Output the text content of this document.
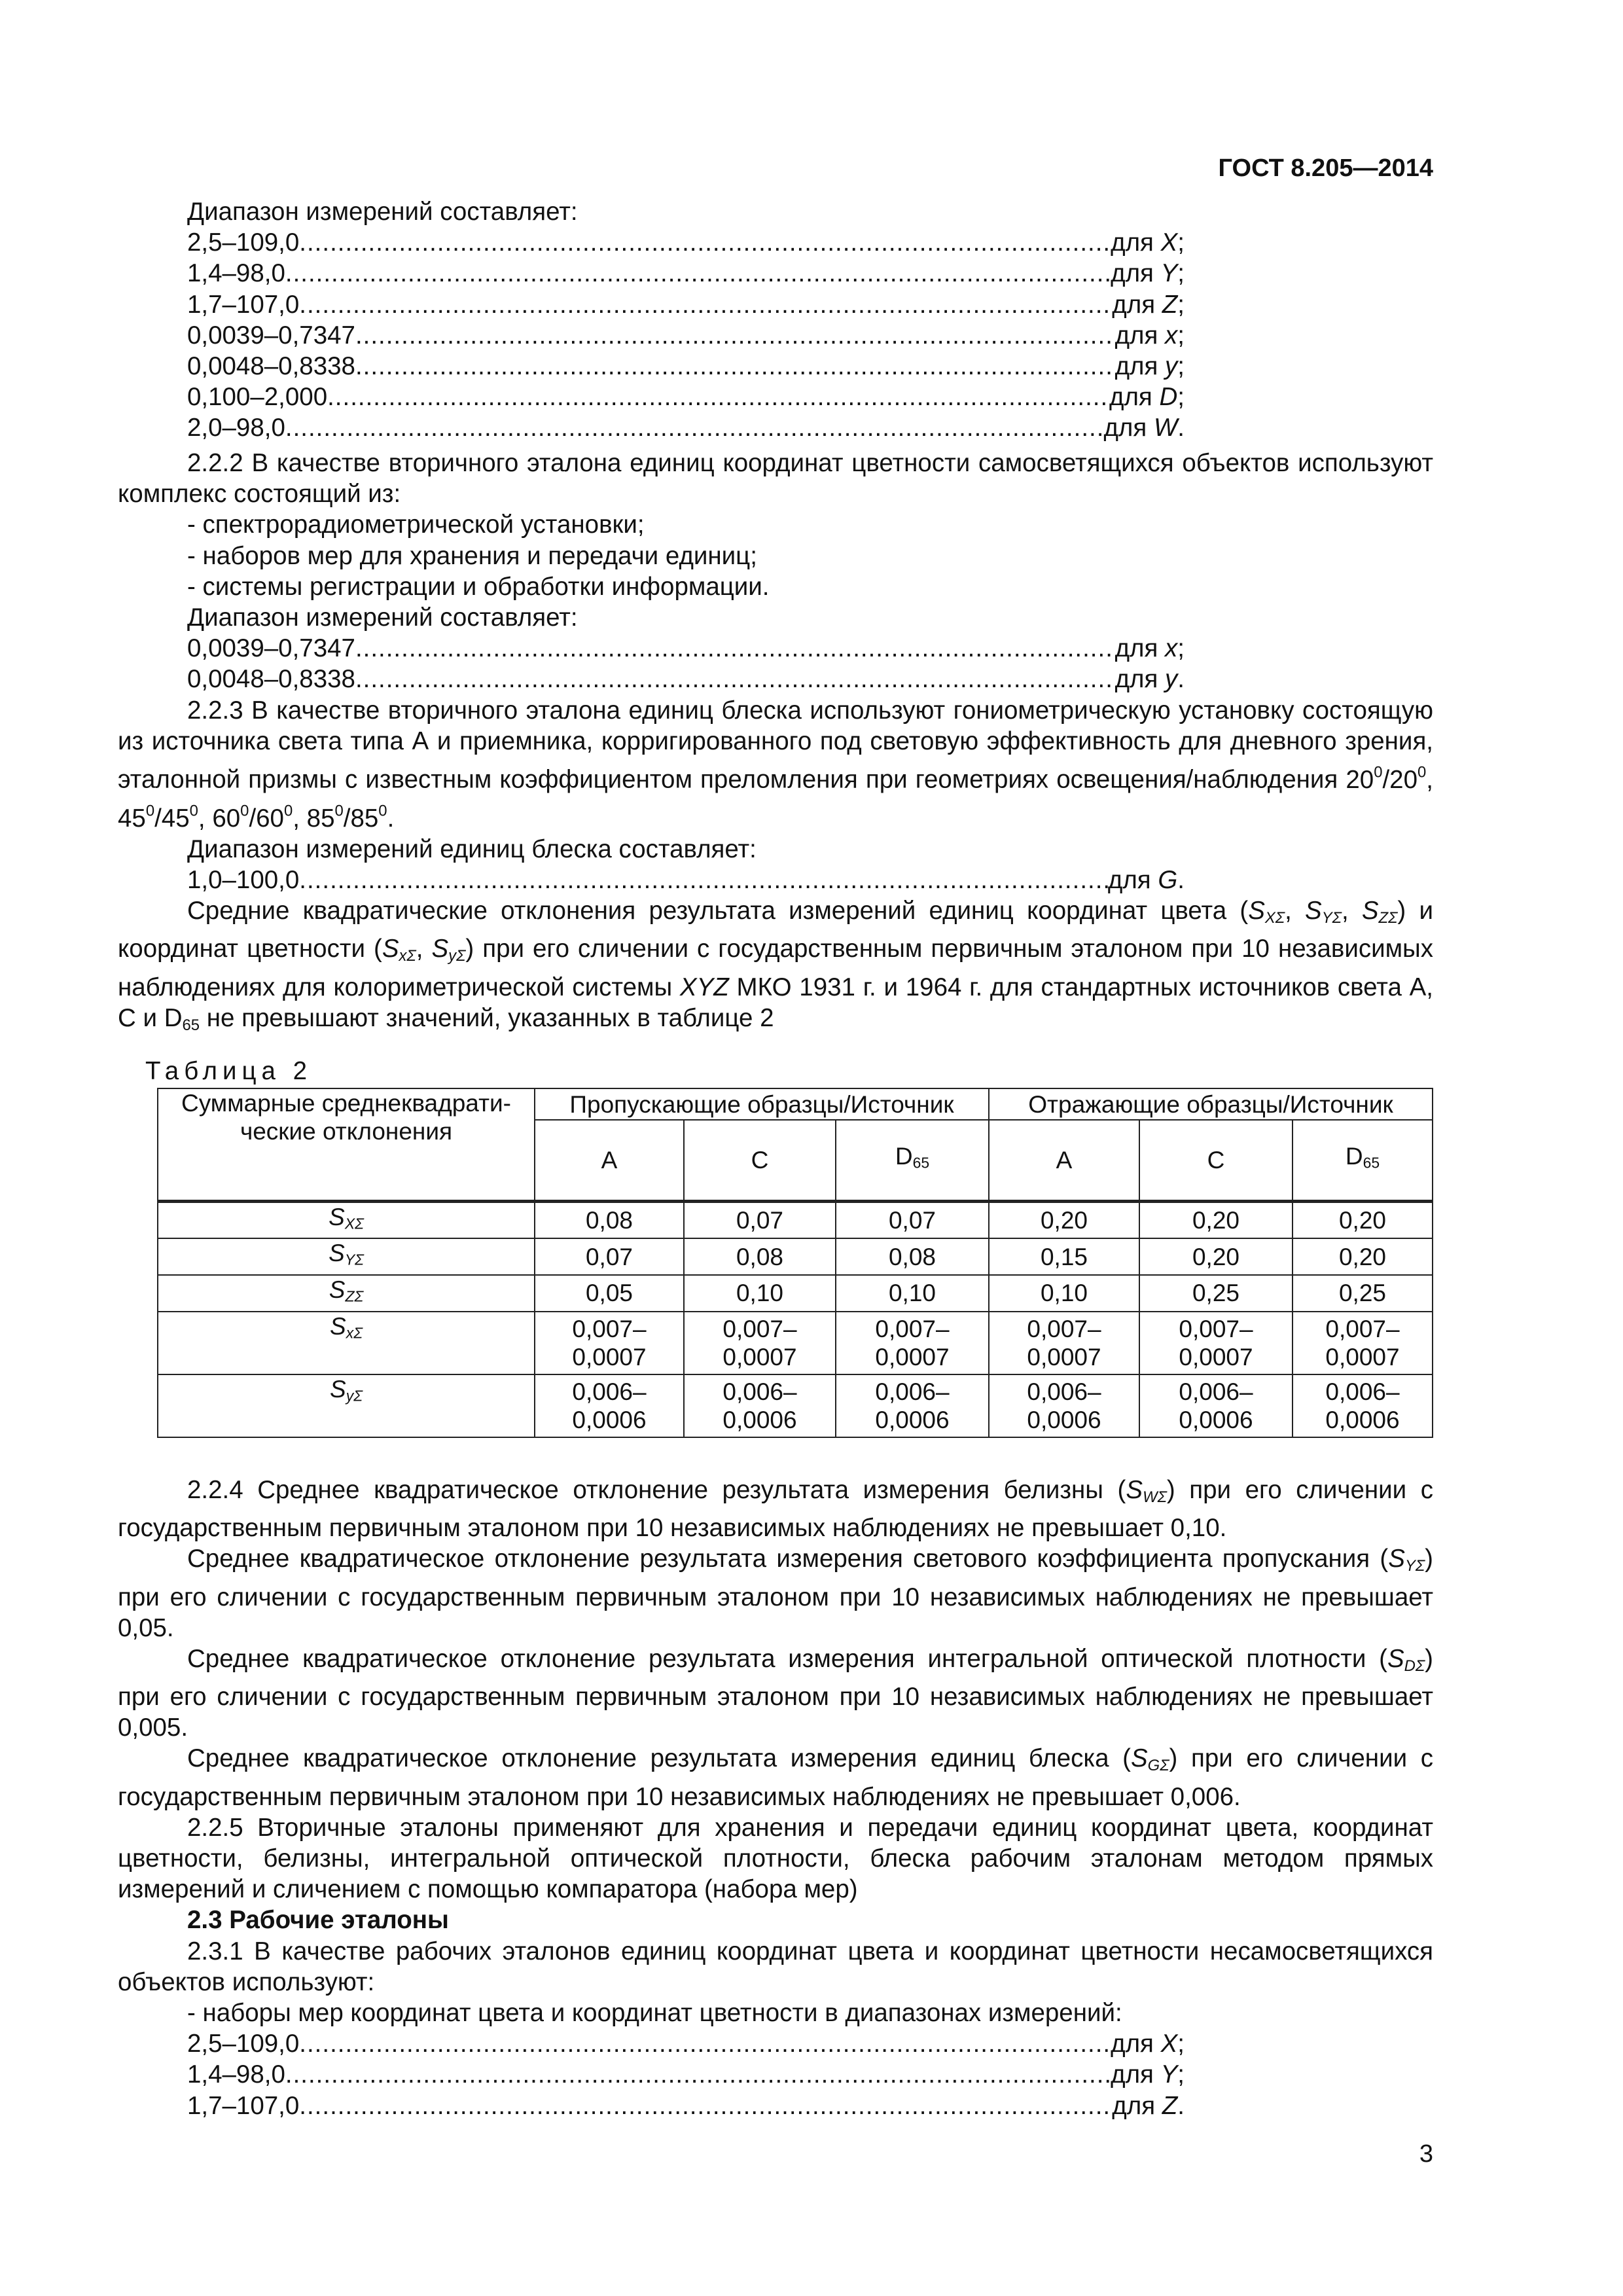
ГОСТ 8.205—2014

Диапазон измерений составляет:

2,5–109,0 .....	для X;
1,4–98,0 .....	для Y;
1,7–107,0 .....	для Z;
0,0039–0,7347 .....	для x;
0,0048–0,8338 .....	для y;
0,100–2,000 .....	для D;
2,0–98,0 .....	для W.

2.2.2 В качестве вторичного эталона единиц координат цветности самосветящихся объектов используют комплекс состоящий из:

- спектрорадиометрической установки;

- наборов мер для хранения и передачи единиц;

- системы регистрации и обработки информации.

Диапазон измерений составляет:

0,0039–0,7347 .....	для x;
0,0048–0,8338 .....	для y.

2.2.3 В качестве вторичного эталона единиц блеска используют гониометрическую установку состоящую из источника света типа А и приемника, корригированного под световую эффективность для дневного зрения, эталонной призмы с известным коэффициентом преломления при геометриях освещения/наблюдения $20^0/20^0$, $45^0/45^0$, $60^0/60^0$, $85^0/85^0$.

Диапазон измерений единиц блеска составляет:

1,0–100,0 .....	для G.

Средние квадратические отклонения результата измерений единиц координат цвета ($S_{X\Sigma}$, $S_{Y\Sigma}$, $S_{Z\Sigma}$) и координат цветности ($S_{x\Sigma}$, $S_{y\Sigma}$) при его сличении с государственным первичным эталоном при 10 независимых наблюдениях для колориметрической системы XYZ МКО 1931 г. и 1964 г. для стандартных источников света А, С и $D_{65}$ не превышают значений, указанных в таблице 2

Таблица 2
Суммарные среднеквадрати-ческие отклонения	Пропускающие образцы/Источник			Отражающие образцы/Источник		
	A	C	$D_{65}$	A	C	$D_{65}$
$S_{X\Sigma}$	0,08	0,07	0,07	0,20	0,20	0,20
$S_{Y\Sigma}$	0,07	0,08	0,08	0,15	0,20	0,20
$S_{Z\Sigma}$	0,05	0,10	0,10	0,10	0,25	0,25
$S_{x\Sigma}$	0,007–
0,0007	0,007–
0,0007	0,007–
0,0007	0,007–
0,0007	0,007–
0,0007	0,007–
0,0007
$S_{y\Sigma}$	0,006–
0,0006	0,006–
0,0006	0,006–
0,0006	0,006–
0,0006	0,006–
0,0006	0,006–
0,0006

2.2.4 Среднее квадратическое отклонение результата измерения белизны $(S_{W\Sigma})$ при его сличении с государственным первичным эталоном при 10 независимых наблюдениях не превышает 0,10.

Среднее квадратическое отклонение результата измерения светового коэффициента пропускания $(S_{Y\Sigma})$ при его сличении с государственным первичным эталоном при 10 независимых наблюдениях не превышает 0,05.

Среднее квадратическое отклонение результата измерения интегральной оптической плотности $(S_{D\Sigma})$ при его сличении с государственным первичным эталоном при 10 независимых наблюдениях не превышает 0,005.

Среднее квадратическое отклонение результата измерения единиц блеска $(S_{G\Sigma})$ при его сличении с государственным первичным эталоном при 10 независимых наблюдениях не превышает 0,006.

2.2.5 Вторичные эталоны применяют для хранения и передачи единиц координат цвета, координат цветности, белизны, интегральной оптической плотности, блеска рабочим эталонам методом прямых измерений и сличением с помощью компаратора (набора мер)

2.3 Рабочие эталоны

2.3.1 В качестве рабочих эталонов единиц координат цвета и координат цветности несамосветящихся объектов используют:

- наборы мер координат цвета и координат цветности в диапазонах измерений:

2,5–109,0 .....	для X;
1,4–98,0 .....	для Y;
1,7–107,0 .....	для Z.
3
